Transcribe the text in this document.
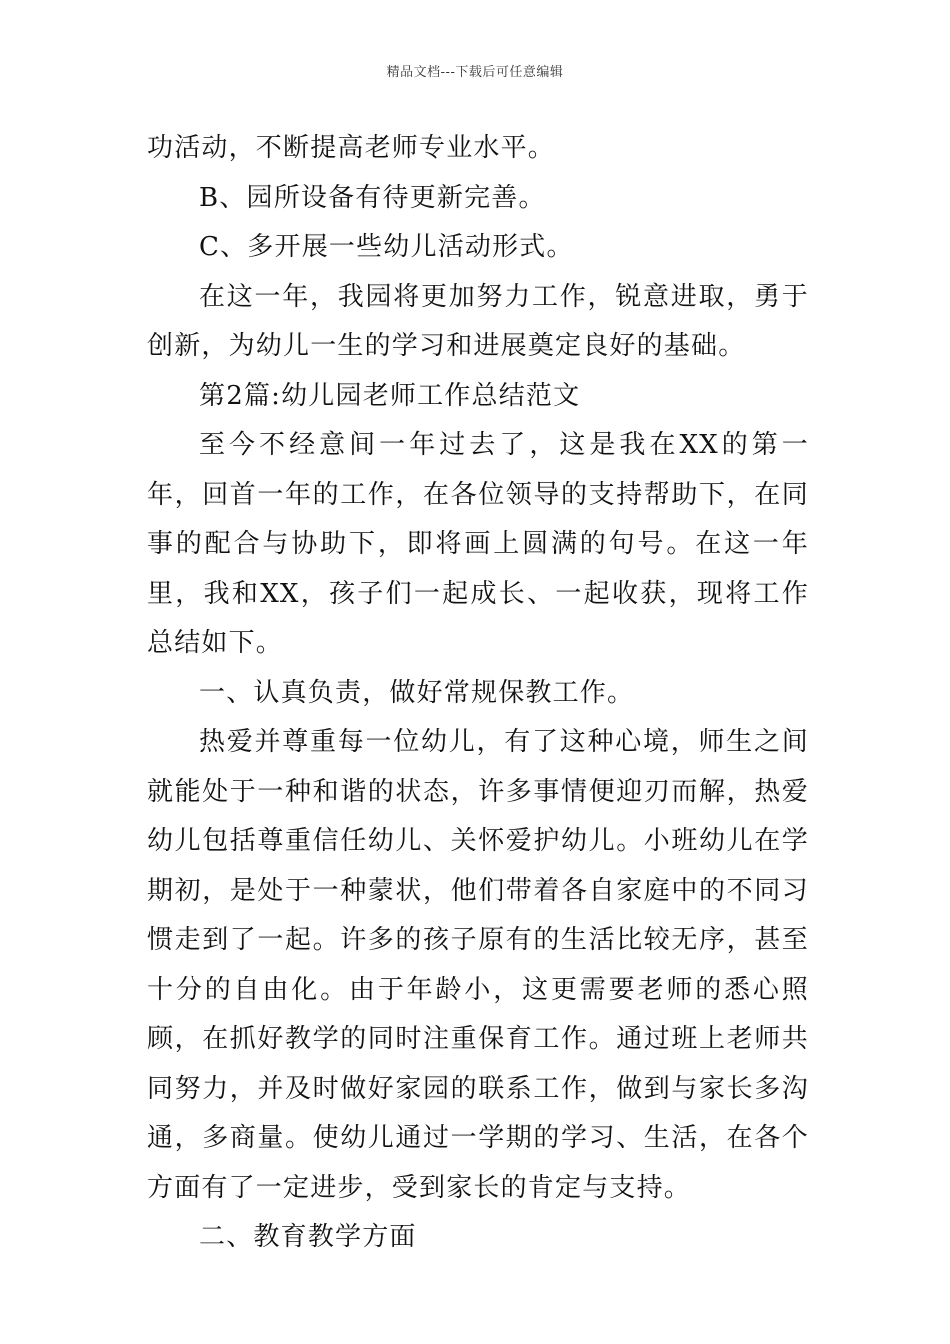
精品文档---下载后可任意编辑

功活动，不断提高老师专业水平。

B、园所设备有待更新完善。

C、多开展一些幼儿活动形式。

在这一年，我园将更加努力工作，锐意进取，勇于创新，为幼儿一生的学习和进展奠定良好的基础。

第2篇:幼儿园老师工作总结范文

至今不经意间一年过去了，这是我在XX的第一年，回首一年的工作，在各位领导的支持帮助下，在同事的配合与协助下，即将画上圆满的句号。在这一年里，我和XX，孩子们一起成长、一起收获，现将工作总结如下。

一、认真负责，做好常规保教工作。

热爱并尊重每一位幼儿，有了这种心境，师生之间就能处于一种和谐的状态，许多事情便迎刃而解，热爱幼儿包括尊重信任幼儿、关怀爱护幼儿。小班幼儿在学期初，是处于一种蒙状，他们带着各自家庭中的不同习惯走到了一起。许多的孩子原有的生活比较无序，甚至十分的自由化。由于年龄小，这更需要老师的悉心照顾，在抓好教学的同时注重保育工作。通过班上老师共同努力，并及时做好家园的联系工作，做到与家长多沟通，多商量。使幼儿通过一学期的学习、生活，在各个方面有了一定进步，受到家长的肯定与支持。

二、教育教学方面
